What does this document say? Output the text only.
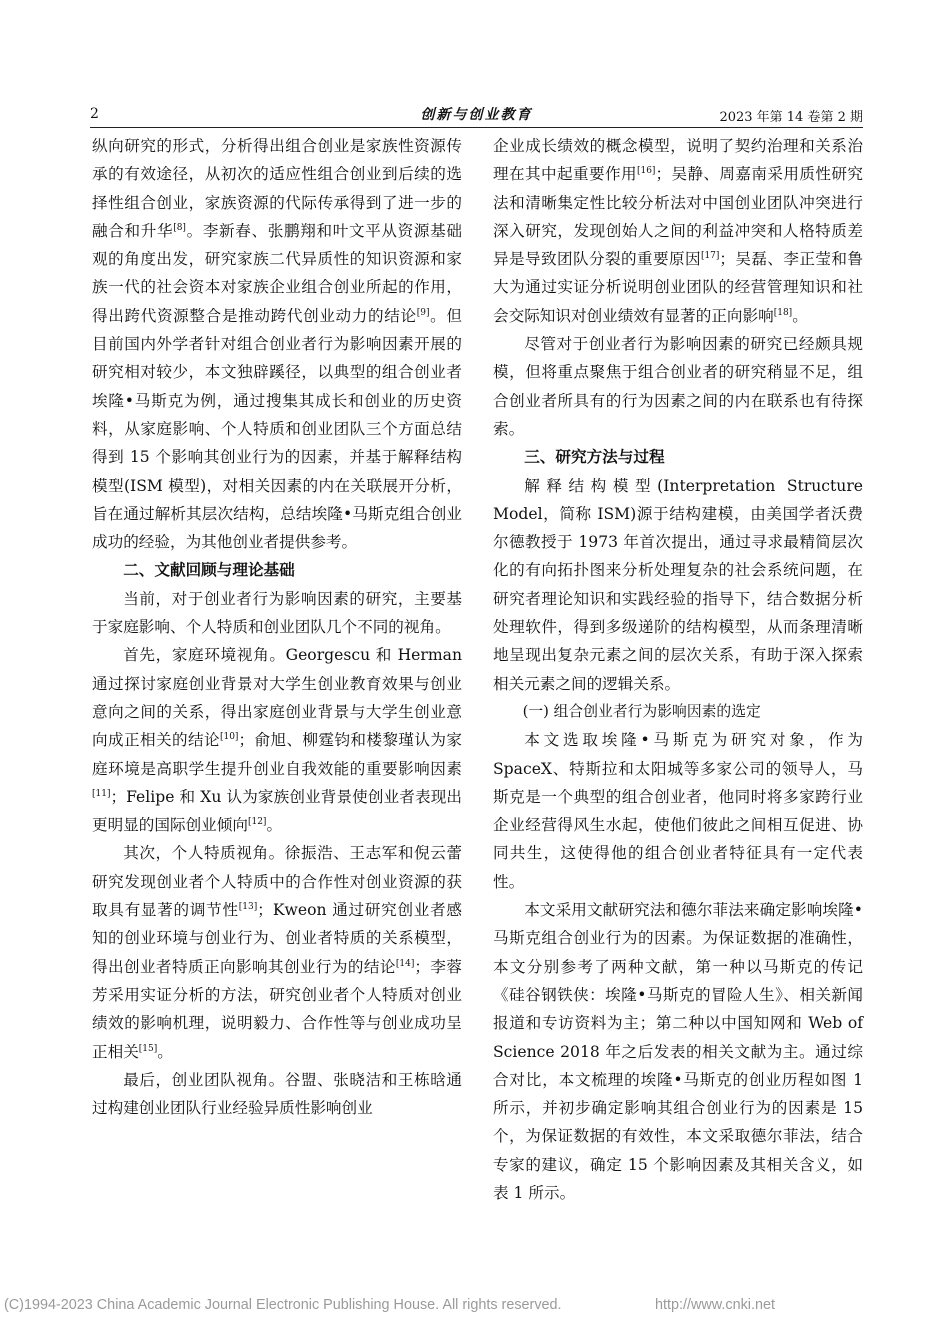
2	创新与创业教育	2023 年第 14 卷第 2 期

纵向研究的形式，分析得出组合创业是家族性资源传承的有效途径，从初次的适应性组合创业到后续的选择性组合创业，家族资源的代际传承得到了进一步的融合和升华[8]。李新春、张鹏翔和叶文平从资源基础观的角度出发，研究家族二代异质性的知识资源和家族一代的社会资本对家族企业组合创业所起的作用，得出跨代资源整合是推动跨代创业动力的结论[9]。但目前国内外学者针对组合创业者行为影响因素开展的研究相对较少，本文独辟蹊径，以典型的组合创业者埃隆•马斯克为例，通过搜集其成长和创业的历史资料，从家庭影响、个人特质和创业团队三个方面总结得到 15 个影响其创业行为的因素，并基于解释结构模型(ISM 模型)，对相关因素的内在关联展开分析，旨在通过解析其层次结构，总结埃隆•马斯克组合创业成功的经验，为其他创业者提供参考。

二、文献回顾与理论基础

当前，对于创业者行为影响因素的研究，主要基于家庭影响、个人特质和创业团队几个不同的视角。

首先，家庭环境视角。Georgescu 和 Herman 通过探讨家庭创业背景对大学生创业教育效果与创业意向之间的关系，得出家庭创业背景与大学生创业意向成正相关的结论[10]；俞旭、柳霆钧和楼黎瑾认为家庭环境是高职学生提升创业自我效能的重要影响因素[11]；Felipe 和 Xu 认为家族创业背景使创业者表现出更明显的国际创业倾向[12]。

其次，个人特质视角。徐振浩、王志军和倪云蕾研究发现创业者个人特质中的合作性对创业资源的获取具有显著的调节性[13]；Kweon 通过研究创业者感知的创业环境与创业行为、创业者特质的关系模型，得出创业者特质正向影响其创业行为的结论[14]；李蓉芳采用实证分析的方法，研究创业者个人特质对创业绩效的影响机理，说明毅力、合作性等与创业成功呈正相关[15]。

最后，创业团队视角。谷盟、张晓洁和王栋晗通过构建创业团队行业经验异质性影响创业

企业成长绩效的概念模型，说明了契约治理和关系治理在其中起重要作用[16]；吴静、周嘉南采用质性研究法和清晰集定性比较分析法对中国创业团队冲突进行深入研究，发现创始人之间的利益冲突和人格特质差异是导致团队分裂的重要原因[17]；吴磊、李正莹和鲁大为通过实证分析说明创业团队的经营管理知识和社会交际知识对创业绩效有显著的正向影响[18]。

尽管对于创业者行为影响因素的研究已经颇具规模，但将重点聚焦于组合创业者的研究稍显不足，组合创业者所具有的行为因素之间的内在联系也有待探索。

三、研究方法与过程

解释结构模型(Interpretation Structure Model，简称 ISM)源于结构建模，由美国学者沃费尔德教授于 1973 年首次提出，通过寻求最精简层次化的有向拓扑图来分析处理复杂的社会系统问题，在研究者理论知识和实践经验的指导下，结合数据分析处理软件，得到多级递阶的结构模型，从而条理清晰地呈现出复杂元素之间的层次关系，有助于深入探索相关元素之间的逻辑关系。

(一) 组合创业者行为影响因素的选定

本文选取埃隆•马斯克为研究对象，作为 SpaceX、特斯拉和太阳城等多家公司的领导人，马斯克是一个典型的组合创业者，他同时将多家跨行业企业经营得风生水起，使他们彼此之间相互促进、协同共生，这使得他的组合创业者特征具有一定代表性。

本文采用文献研究法和德尔菲法来确定影响埃隆•马斯克组合创业行为的因素。为保证数据的准确性，本文分别参考了两种文献，第一种以马斯克的传记《硅谷钢铁侠：埃隆•马斯克的冒险人生》、相关新闻报道和专访资料为主；第二种以中国知网和 Web of Science 2018 年之后发表的相关文献为主。通过综合对比，本文梳理的埃隆•马斯克的创业历程如图 1 所示，并初步确定影响其组合创业行为的因素是 15 个，为保证数据的有效性，本文采取德尔菲法，结合专家的建议，确定 15 个影响因素及其相关含义，如表 1 所示。

(C)1994-2023 China Academic Journal Electronic Publishing House. All rights reserved.	http://www.cnki.net
